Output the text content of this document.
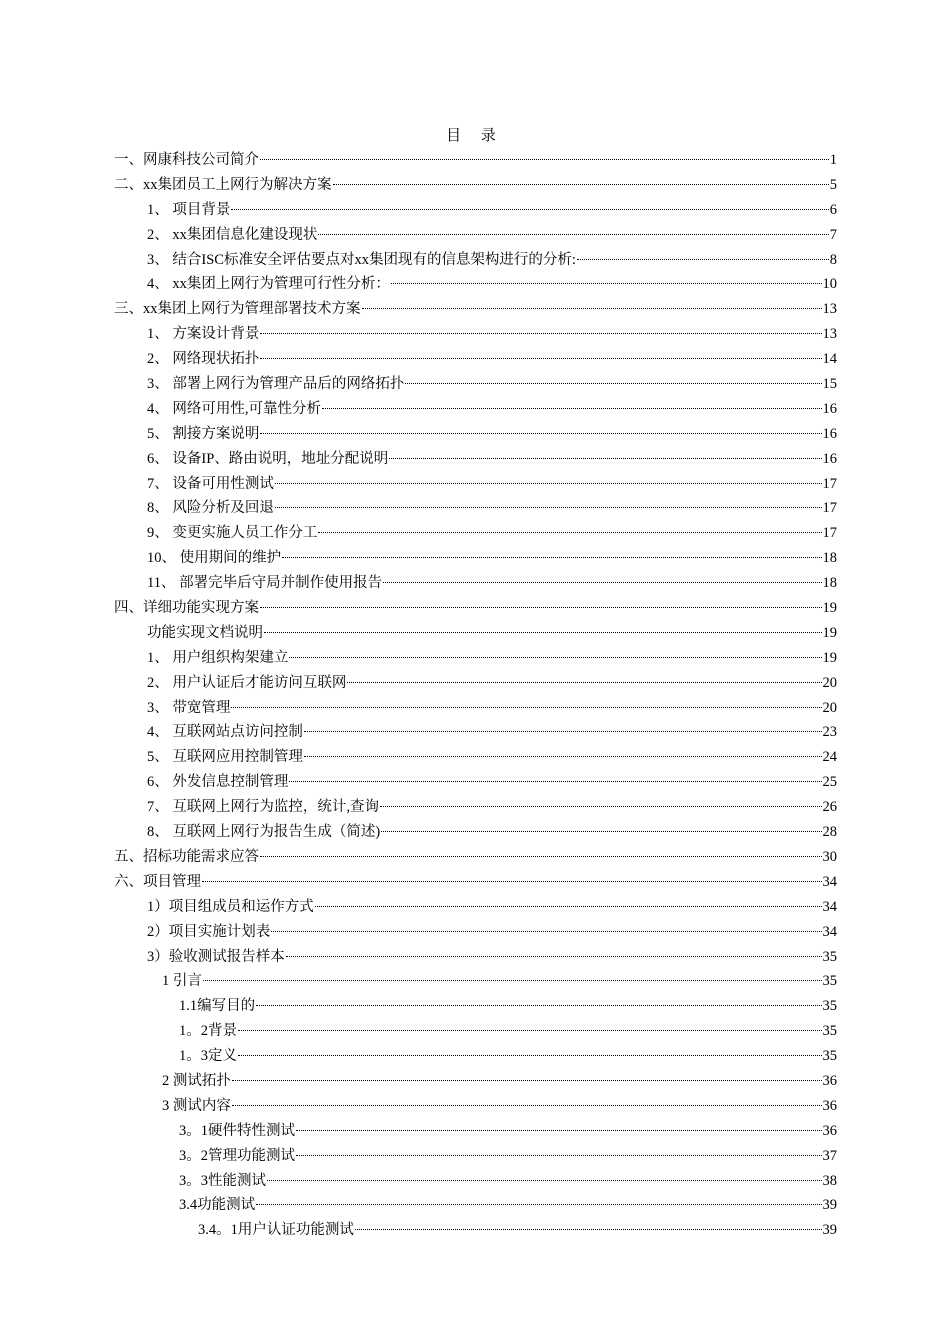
目 录
一、网康科技公司简介	1
二、xx集团员工上网行为解决方案	5
1、 项目背景	6
2、 xx集团信息化建设现状	7
3、 结合ISC标准安全评估要点对xx集团现有的信息架构进行的分析:	8
4、 xx集团上网行为管理可行性分析：	10
三、xx集团上网行为管理部署技术方案	13
1、 方案设计背景	13
2、 网络现状拓扑	14
3、 部署上网行为管理产品后的网络拓扑	15
4、 网络可用性,可靠性分析	16
5、 割接方案说明	16
6、 设备IP、路由说明，地址分配说明	16
7、 设备可用性测试	17
8、 风险分析及回退	17
9、 变更实施人员工作分工	17
10、 使用期间的维护	18
11、 部署完毕后守局并制作使用报告	18
四、详细功能实现方案	19
功能实现文档说明	19
1、 用户组织构架建立	19
2、 用户认证后才能访问互联网	20
3、 带宽管理	20
4、 互联网站点访问控制	23
5、 互联网应用控制管理	24
6、 外发信息控制管理	25
7、 互联网上网行为监控，统计,查询	26
8、 互联网上网行为报告生成（简述)	28
五、招标功能需求应答	30
六、项目管理	34
1）项目组成员和运作方式	34
2）项目实施计划表	34
3）验收测试报告样本	35
1 引言	35
1.1编写目的	35
1。2背景	35
1。3定义	35
2 测试拓扑	36
3 测试内容	36
3。1硬件特性测试	36
3。2管理功能测试	37
3。3性能测试	38
3.4功能测试	39
3.4。1用户认证功能测试	39
